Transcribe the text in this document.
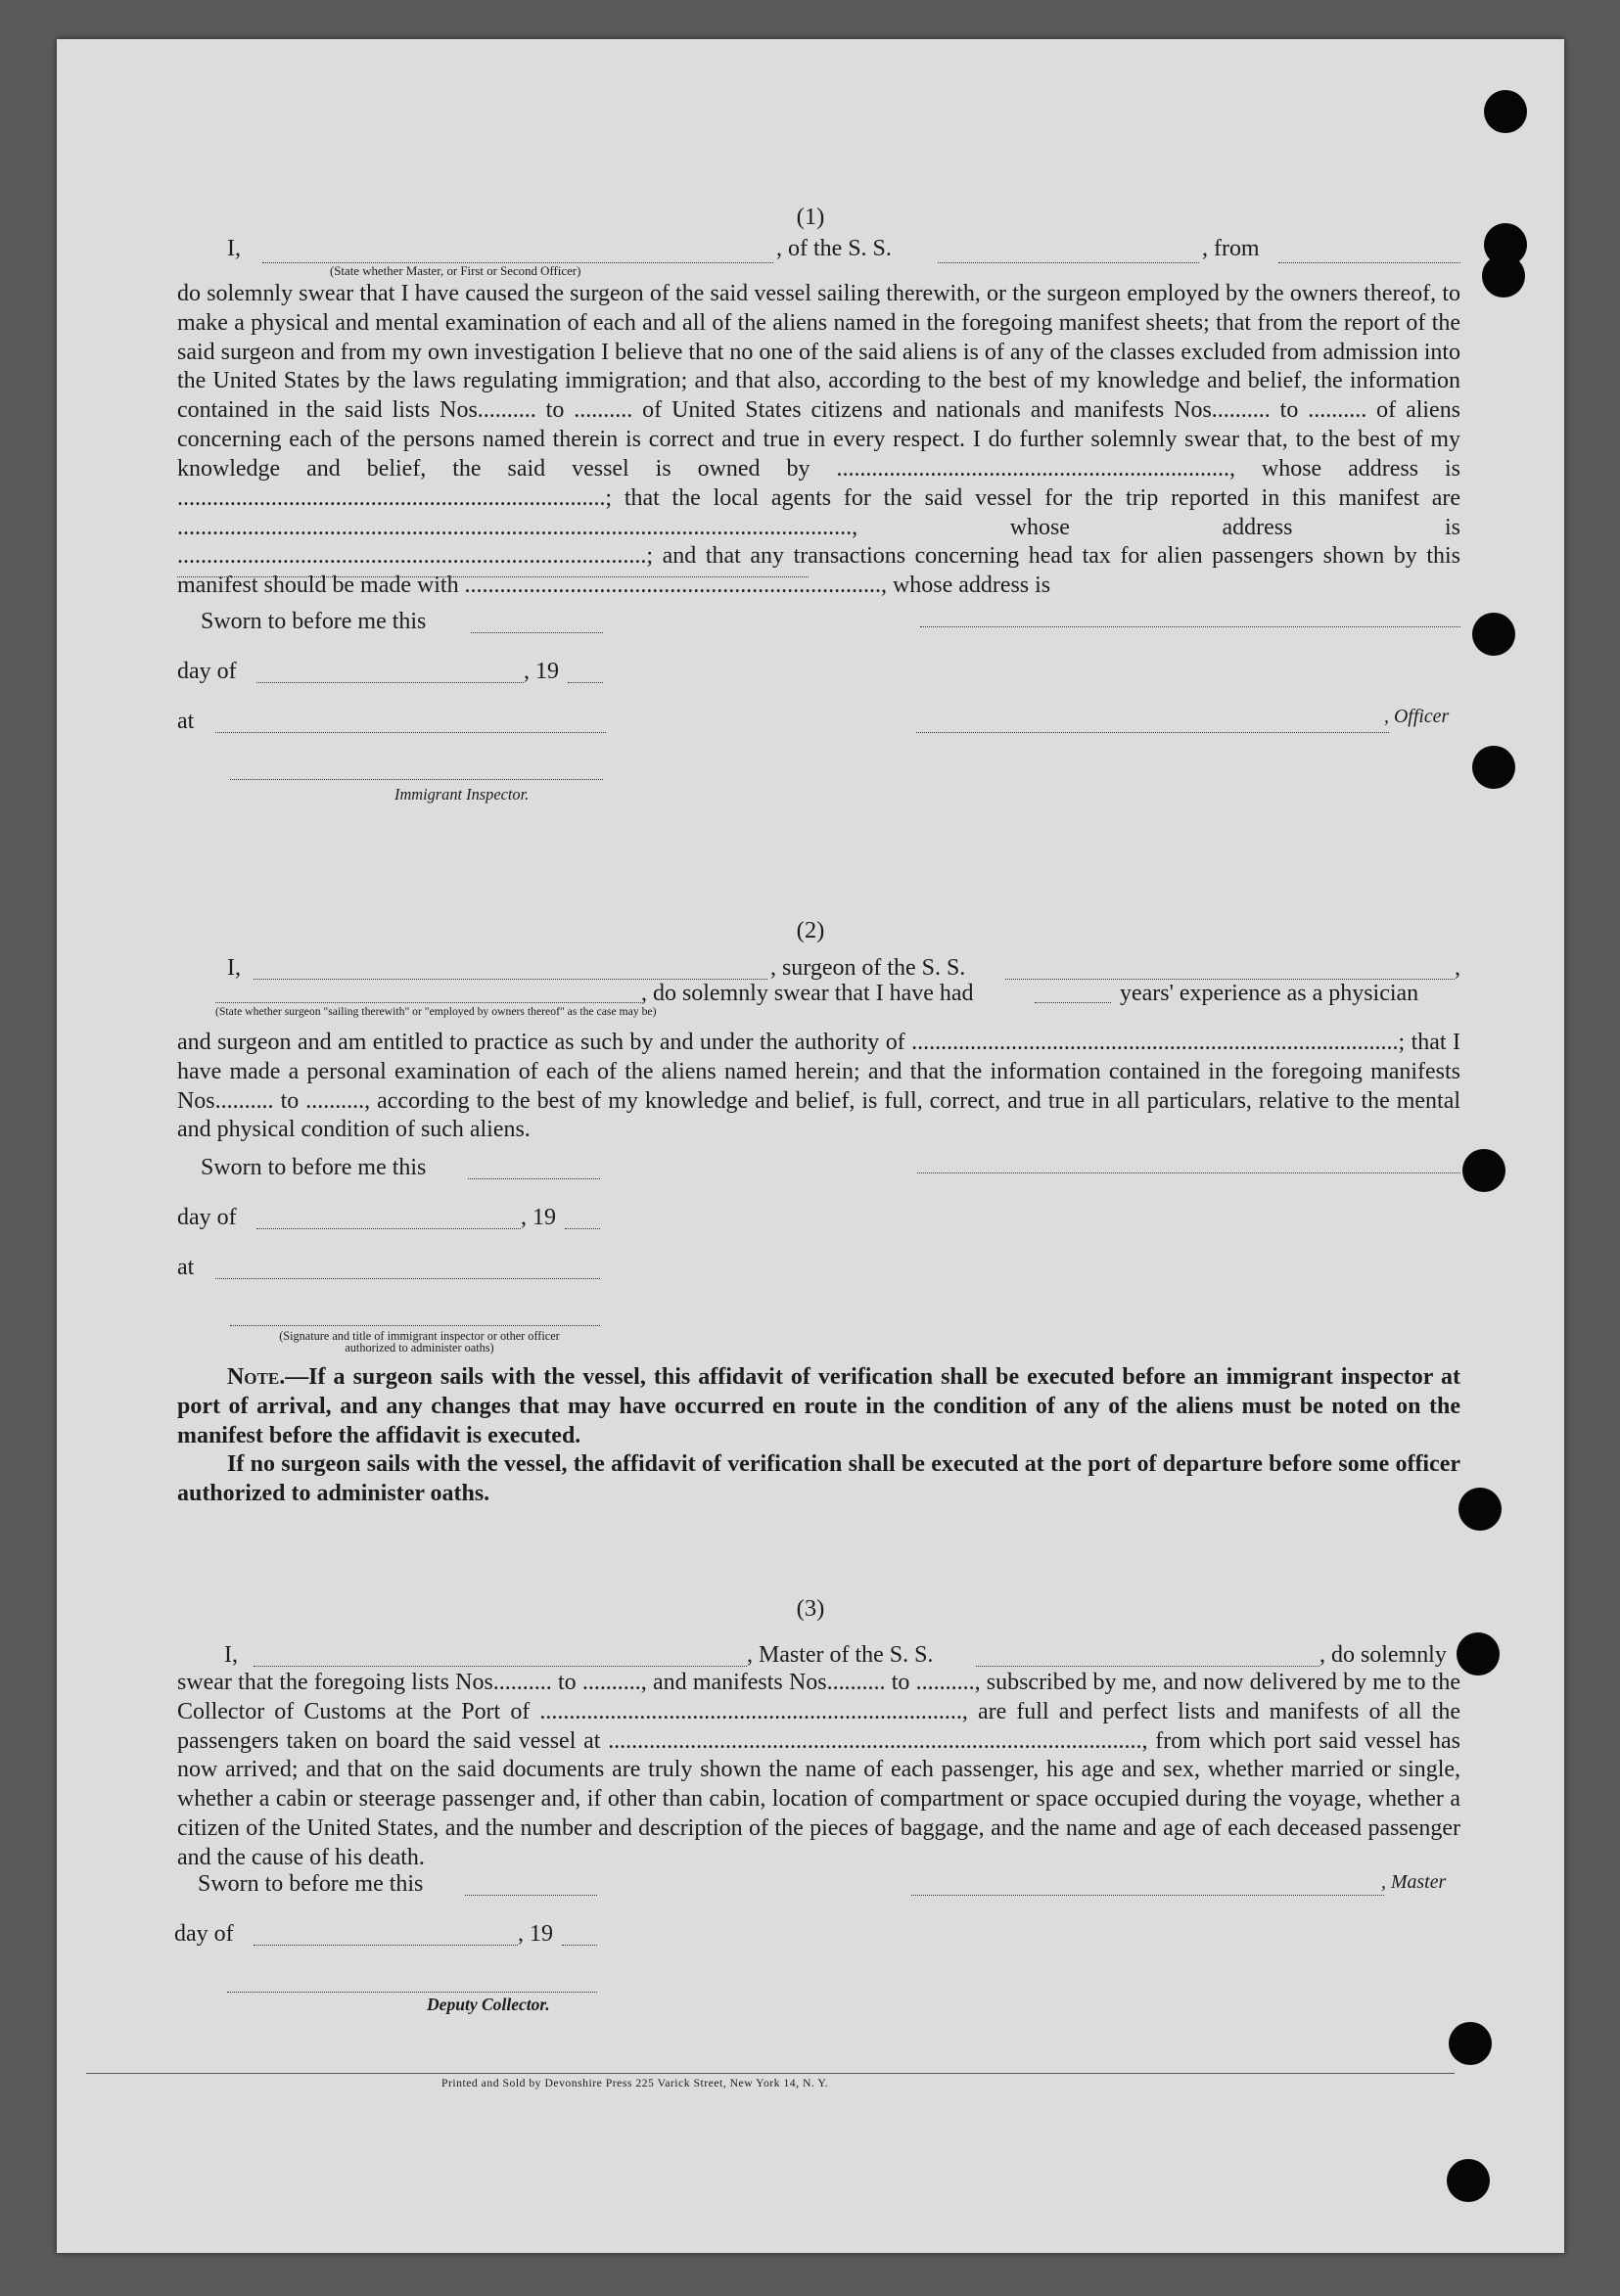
(1)
I,	, of the S. S.	, from
(State whether Master, or First or Second Officer)

do solemnly swear that I have caused the surgeon of the said vessel sailing therewith, or the surgeon employed by the owners thereof, to make a physical and mental examination of each and all of the aliens named in the foregoing manifest sheets; that from the report of the said surgeon and from my own investigation I believe that no one of the said aliens is of any of the classes excluded from admission into the United States by the laws regulating immigration; and that also, according to the best of my knowledge and belief, the information contained in the said lists Nos.......... to .......... of United States citizens and nationals and manifests Nos.......... to .......... of aliens concerning each of the persons named therein is correct and true in every respect. I do further solemnly swear that, to the best of my knowledge and belief, the said vessel is owned by ..................................................................., whose address is .........................................................................; that the local agents for the said vessel for the trip reported in this manifest are ..................................................................................................................., whose address is ................................................................................; and that any transactions concerning head tax for alien passengers shown by this manifest should be made with ......................................................................., whose address is

Sworn to before me this
day of	, 19
at	, Officer
Immigrant Inspector.
(2)
I,	, surgeon of the S. S.	,
, do solemnly swear that I have had	years' experience as a physician
(State whether surgeon "sailing therewith" or "employed by owners thereof" as the case may be)

and surgeon and am entitled to practice as such by and under the authority of ...................................................................................; that I have made a personal examination of each of the aliens named herein; and that the information contained in the foregoing manifests Nos.......... to .........., according to the best of my knowledge and belief, is full, correct, and true in all particulars, relative to the mental and physical condition of such aliens.

Sworn to before me this
day of	, 19
at
(Signature and title of immigrant inspector or other officer authorized to administer oaths)

Note.—If a surgeon sails with the vessel, this affidavit of verification shall be executed before an immigrant inspector at port of arrival, and any changes that may have occurred en route in the condition of any of the aliens must be noted on the manifest before the affidavit is executed.

If no surgeon sails with the vessel, the affidavit of verification shall be executed at the port of departure before some officer authorized to administer oaths.

(3)
I,	, Master of the S. S.	, do solemnly

swear that the foregoing lists Nos.......... to .........., and manifests Nos.......... to .........., subscribed by me, and now delivered by me to the Collector of Customs at the Port of ........................................................................, are full and perfect lists and manifests of all the passengers taken on board the said vessel at ..........................................................................................., from which port said vessel has now arrived; and that on the said documents are truly shown the name of each passenger, his age and sex, whether married or single, whether a cabin or steerage passenger and, if other than cabin, location of compartment or space occupied during the voyage, whether a citizen of the United States, and the number and description of the pieces of baggage, and the name and age of each deceased passenger and the cause of his death.

Sworn to before me this	, Master
day of	, 19
Deputy Collector.
Printed and Sold by Devonshire Press 225 Varick Street, New York 14, N. Y.
